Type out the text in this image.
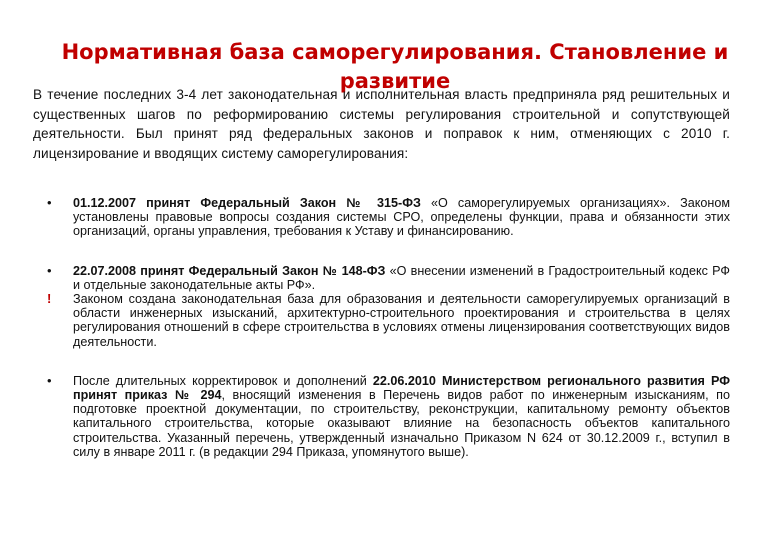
Нормативная база саморегулирования. Становление и
развитие
В течение последних 3-4 лет законодательная и исполнительная власть предприняла ряд решительных и существенных шагов по реформированию системы регулирования строительной и сопутствующей деятельности. Был принят ряд федеральных законов и поправок к ним, отменяющих с 2010 г. лицензирование и вводящих систему саморегулирования:
•	01.12.2007 принят Федеральный Закон № 315-ФЗ «О саморегулируемых организациях». Законом установлены правовые вопросы создания системы СРО, определены функции, права и обязанности этих организаций, органы управления, требования к Уставу и финансированию.
•	22.07.2008 принят Федеральный Закон № 148-ФЗ «О внесении изменений в Градостроительный кодекс РФ и отдельные законодательные акты РФ».
!	Законом создана законодательная база для образования и деятельности саморегулируемых организаций в области инженерных изысканий, архитектурно-строительного проектирования и строительства в целях регулирования отношений в сфере строительства в условиях отмены лицензирования соответствующих видов деятельности.
•	После длительных корректировок и дополнений 22.06.2010 Министерством регионального развития РФ принят приказ № 294, вносящий изменения в Перечень видов работ по инженерным изысканиям, по подготовке проектной документации, по строительству, реконструкции, капитальному ремонту объектов капитального строительства, которые оказывают влияние на безопасность объектов капитального строительства. Указанный перечень, утвержденный изначально Приказом N 624 от 30.12.2009 г., вступил в силу в январе 2011 г. (в редакции 294 Приказа, упомянутого выше).
